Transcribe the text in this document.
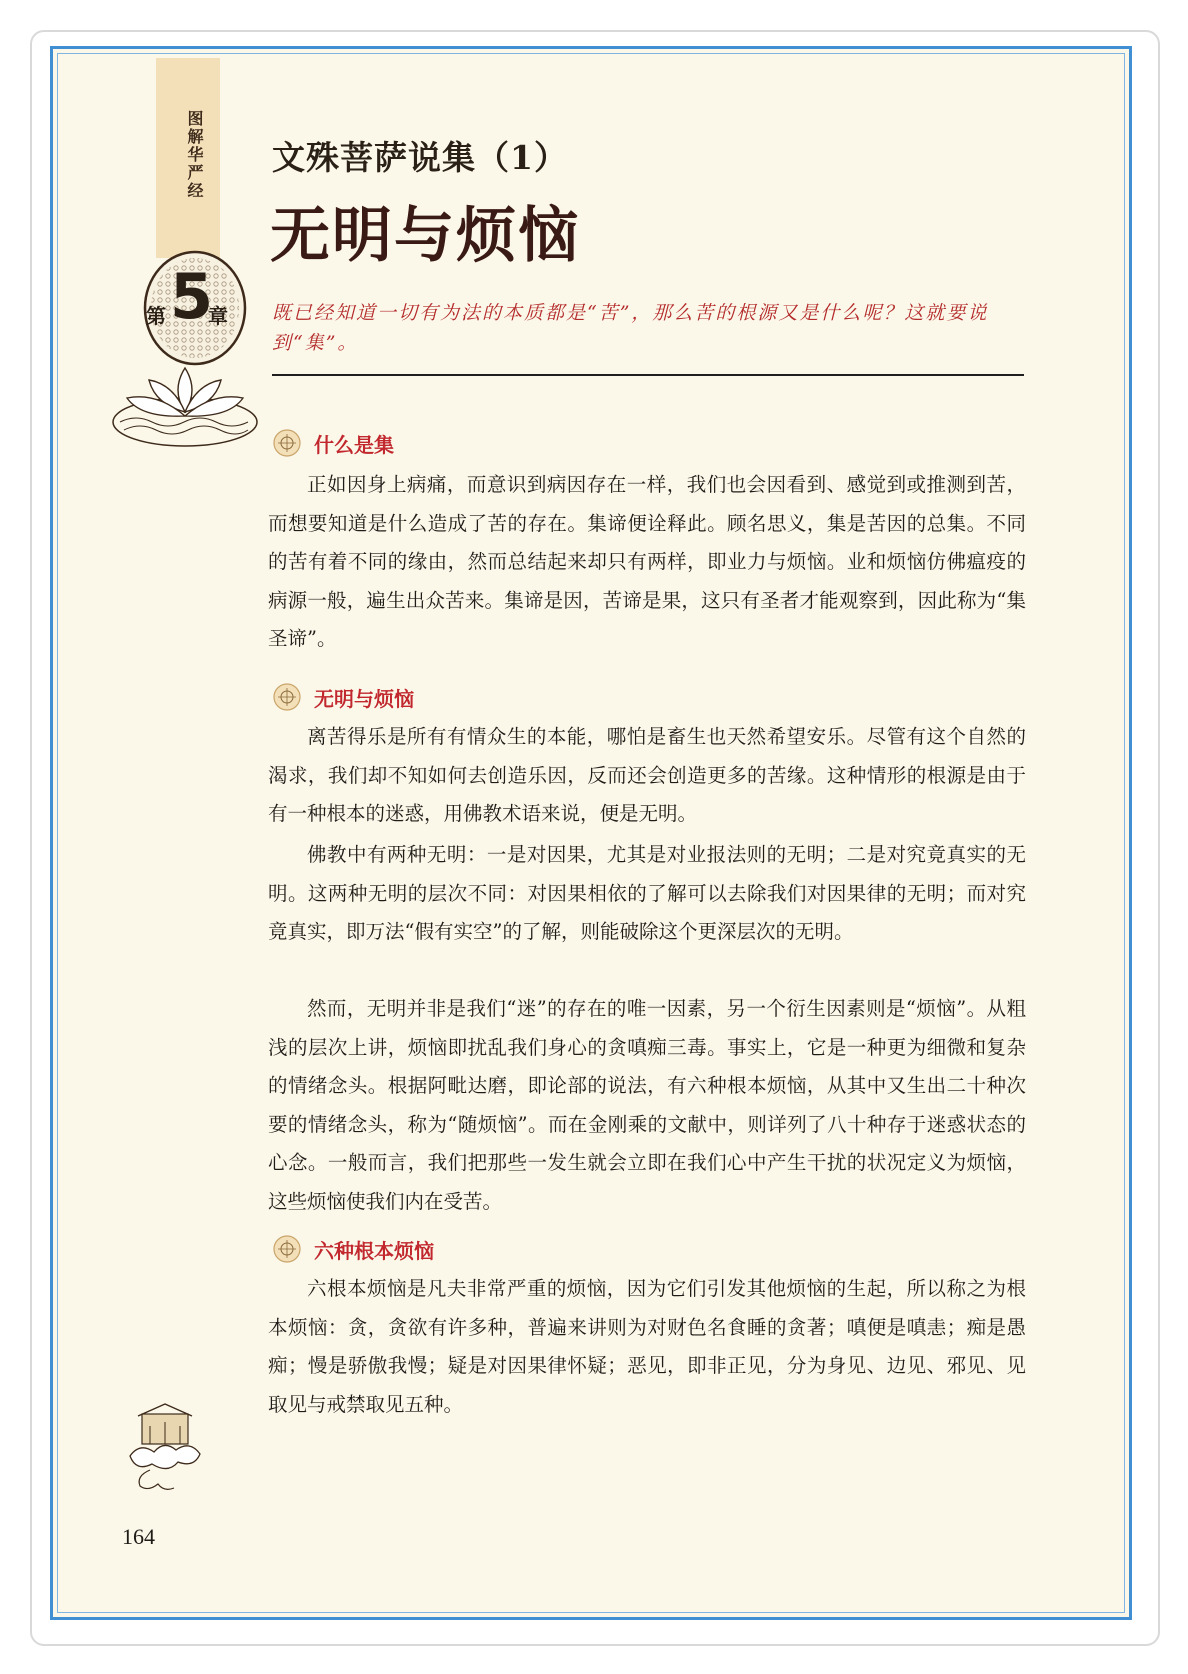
图解华严经
第 5
章
文殊菩萨说集（1）
无明与烦恼
既已经知道一切有为法的本质都是“苦”，那么苦的根源又是什么呢？这就要说到“集”。
什么是集

正如因身上病痛，而意识到病因存在一样，我们也会因看到、感觉到或推测到苦，而想要知道是什么造成了苦的存在。集谛便诠释此。顾名思义，集是苦因的总集。不同的苦有着不同的缘由，然而总结起来却只有两样，即业力与烦恼。业和烦恼仿佛瘟疫的病源一般，遍生出众苦来。集谛是因，苦谛是果，这只有圣者才能观察到，因此称为“集圣谛”。

无明与烦恼

离苦得乐是所有有情众生的本能，哪怕是畜生也天然希望安乐。尽管有这个自然的渴求，我们却不知如何去创造乐因，反而还会创造更多的苦缘。这种情形的根源是由于有一种根本的迷惑，用佛教术语来说，便是无明。

佛教中有两种无明：一是对因果，尤其是对业报法则的无明；二是对究竟真实的无明。这两种无明的层次不同：对因果相依的了解可以去除我们对因果律的无明；而对究竟真实，即万法“假有实空”的了解，则能破除这个更深层次的无明。

然而，无明并非是我们“迷”的存在的唯一因素，另一个衍生因素则是“烦恼”。从粗浅的层次上讲，烦恼即扰乱我们身心的贪嗔痴三毒。事实上，它是一种更为细微和复杂的情绪念头。根据阿毗达磨，即论部的说法，有六种根本烦恼，从其中又生出二十种次要的情绪念头，称为“随烦恼”。而在金刚乘的文献中，则详列了八十种存于迷惑状态的心念。一般而言，我们把那些一发生就会立即在我们心中产生干扰的状况定义为烦恼，这些烦恼使我们内在受苦。

六种根本烦恼

六根本烦恼是凡夫非常严重的烦恼，因为它们引发其他烦恼的生起，所以称之为根本烦恼：贪，贪欲有许多种，普遍来讲则为对财色名食睡的贪著；嗔便是嗔恚；痴是愚痴；慢是骄傲我慢；疑是对因果律怀疑；恶见，即非正见，分为身见、边见、邪见、见取见与戒禁取见五种。

164
